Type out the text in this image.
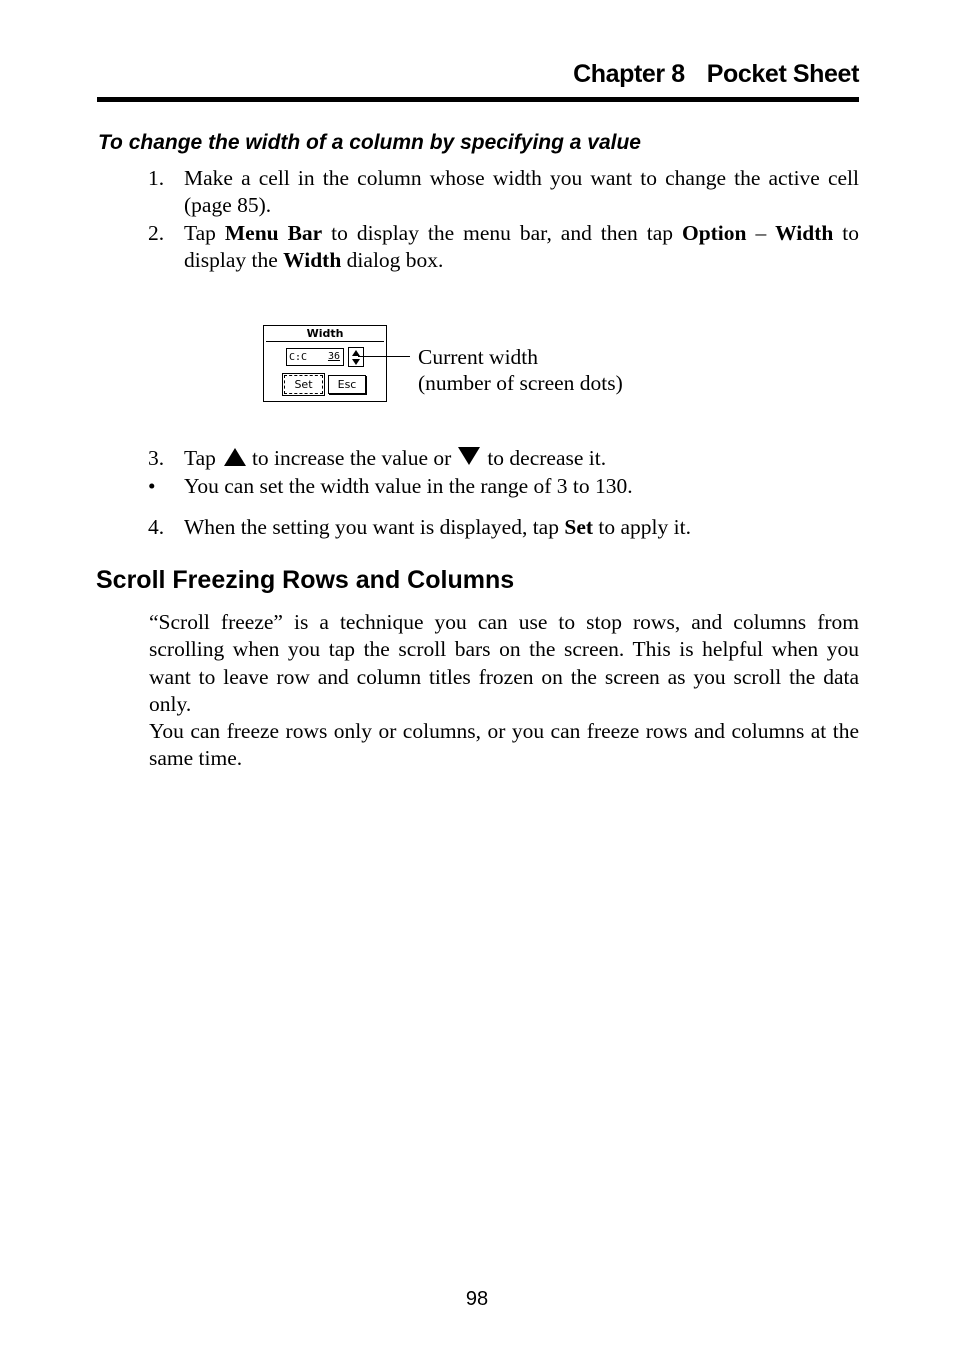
Chapter 8 Pocket Sheet
To change the width of a column by specifying a value
1. Make a cell in the column whose width you want to change the active cell (page 85).
2. Tap Menu Bar to display the menu bar, and then tap Option – Width to display the Width dialog box.
Width
C:C 36
Set	Esc
Current width
(number of screen dots)
3. Tap to increase the value or to decrease it.
•	You can set the width value in the range of 3 to 130.
4. When the setting you want is displayed, tap Set to apply it.
Scroll Freezing Rows and Columns
“Scroll freeze” is a technique you can use to stop rows, and columns from scrolling when you tap the scroll bars on the screen. This is helpful when you want to leave row and column titles frozen on the screen as you scroll the data only.
You can freeze rows only or columns, or you can freeze rows and columns at the same time.
98
